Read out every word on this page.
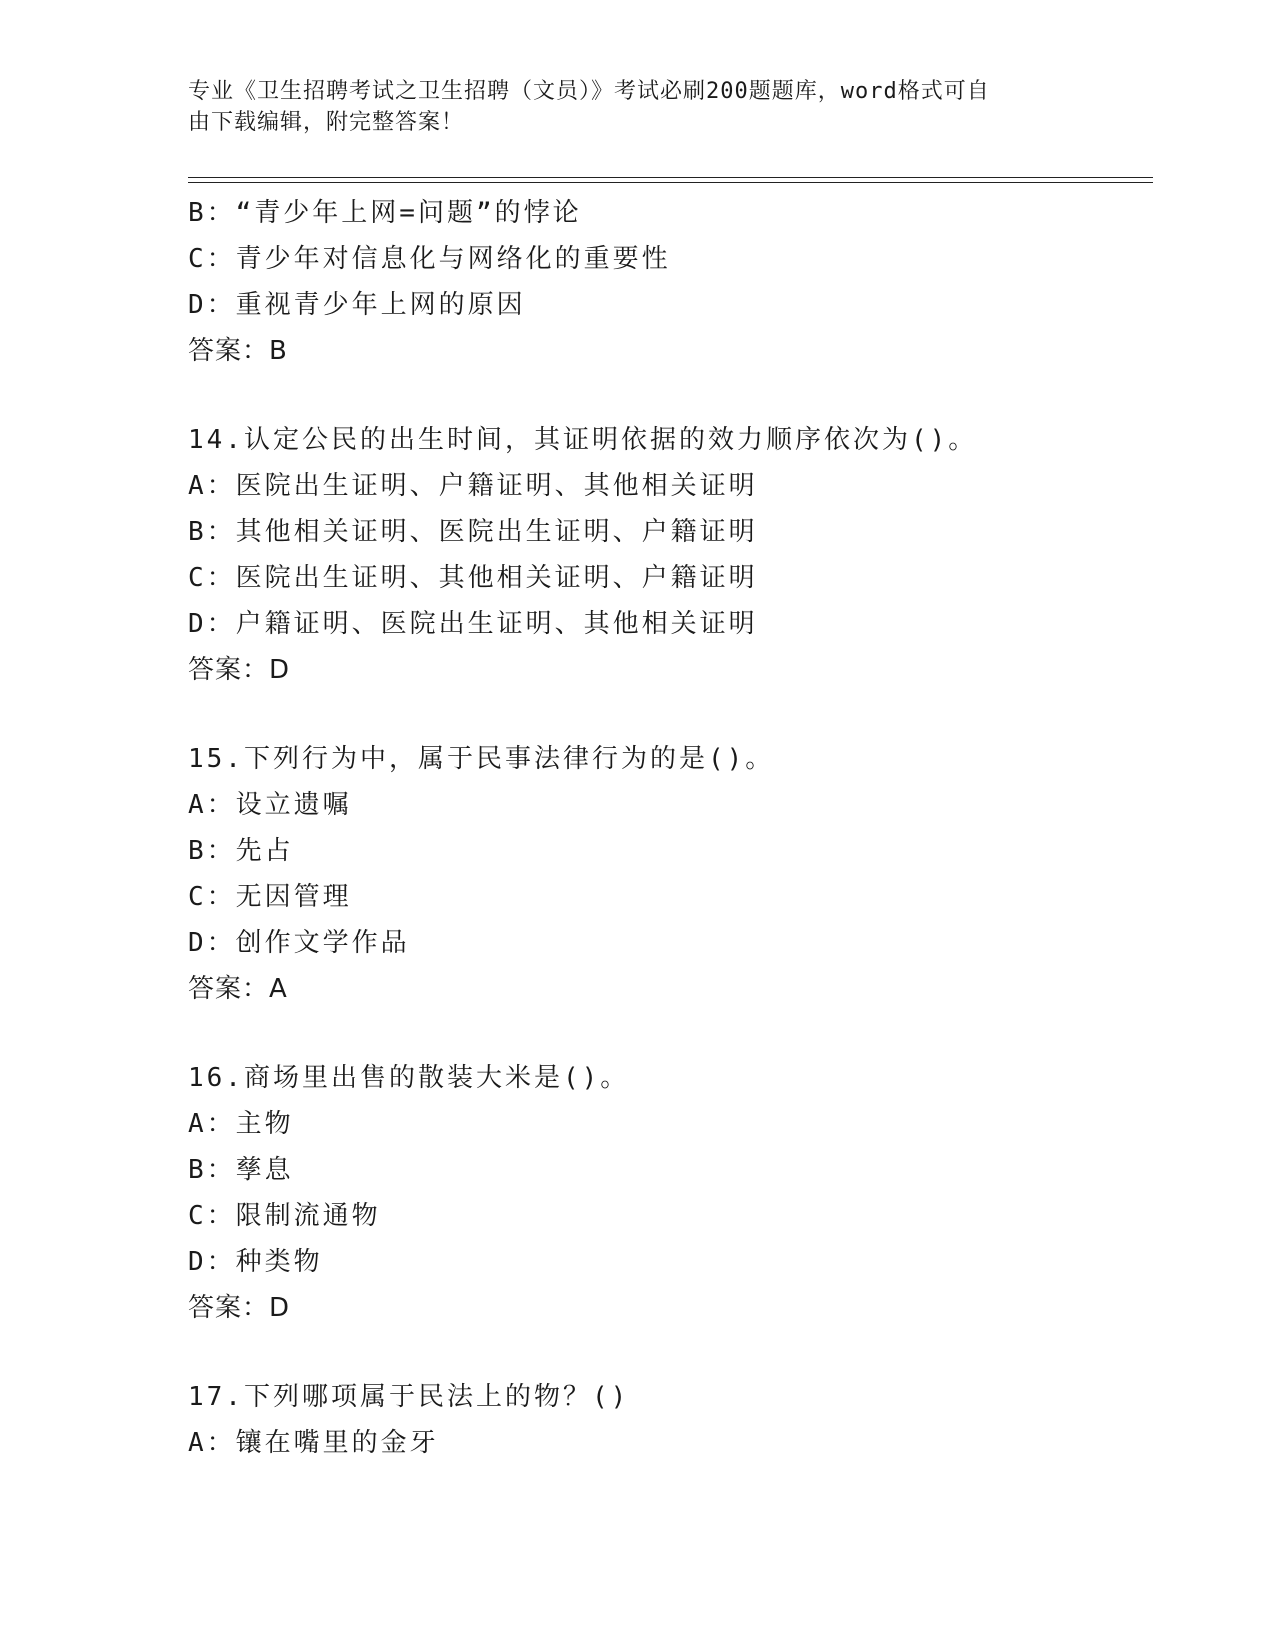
专业《卫生招聘考试之卫生招聘（文员）》考试必刷200题题库，word格式可自
由下载编辑，附完整答案！
B：“青少年上网=问题”的悖论
C：青少年对信息化与网络化的重要性
D：重视青少年上网的原因
答案：B
14.认定公民的出生时间，其证明依据的效力顺序依次为()。
A：医院出生证明、户籍证明、其他相关证明
B：其他相关证明、医院出生证明、户籍证明
C：医院出生证明、其他相关证明、户籍证明
D：户籍证明、医院出生证明、其他相关证明
答案：D
15.下列行为中，属于民事法律行为的是()。
A：设立遗嘱
B：先占
C：无因管理
D：创作文学作品
答案：A
16.商场里出售的散装大米是()。
A：主物
B：孳息
C：限制流通物
D：种类物
答案：D
17.下列哪项属于民法上的物？()
A：镶在嘴里的金牙
